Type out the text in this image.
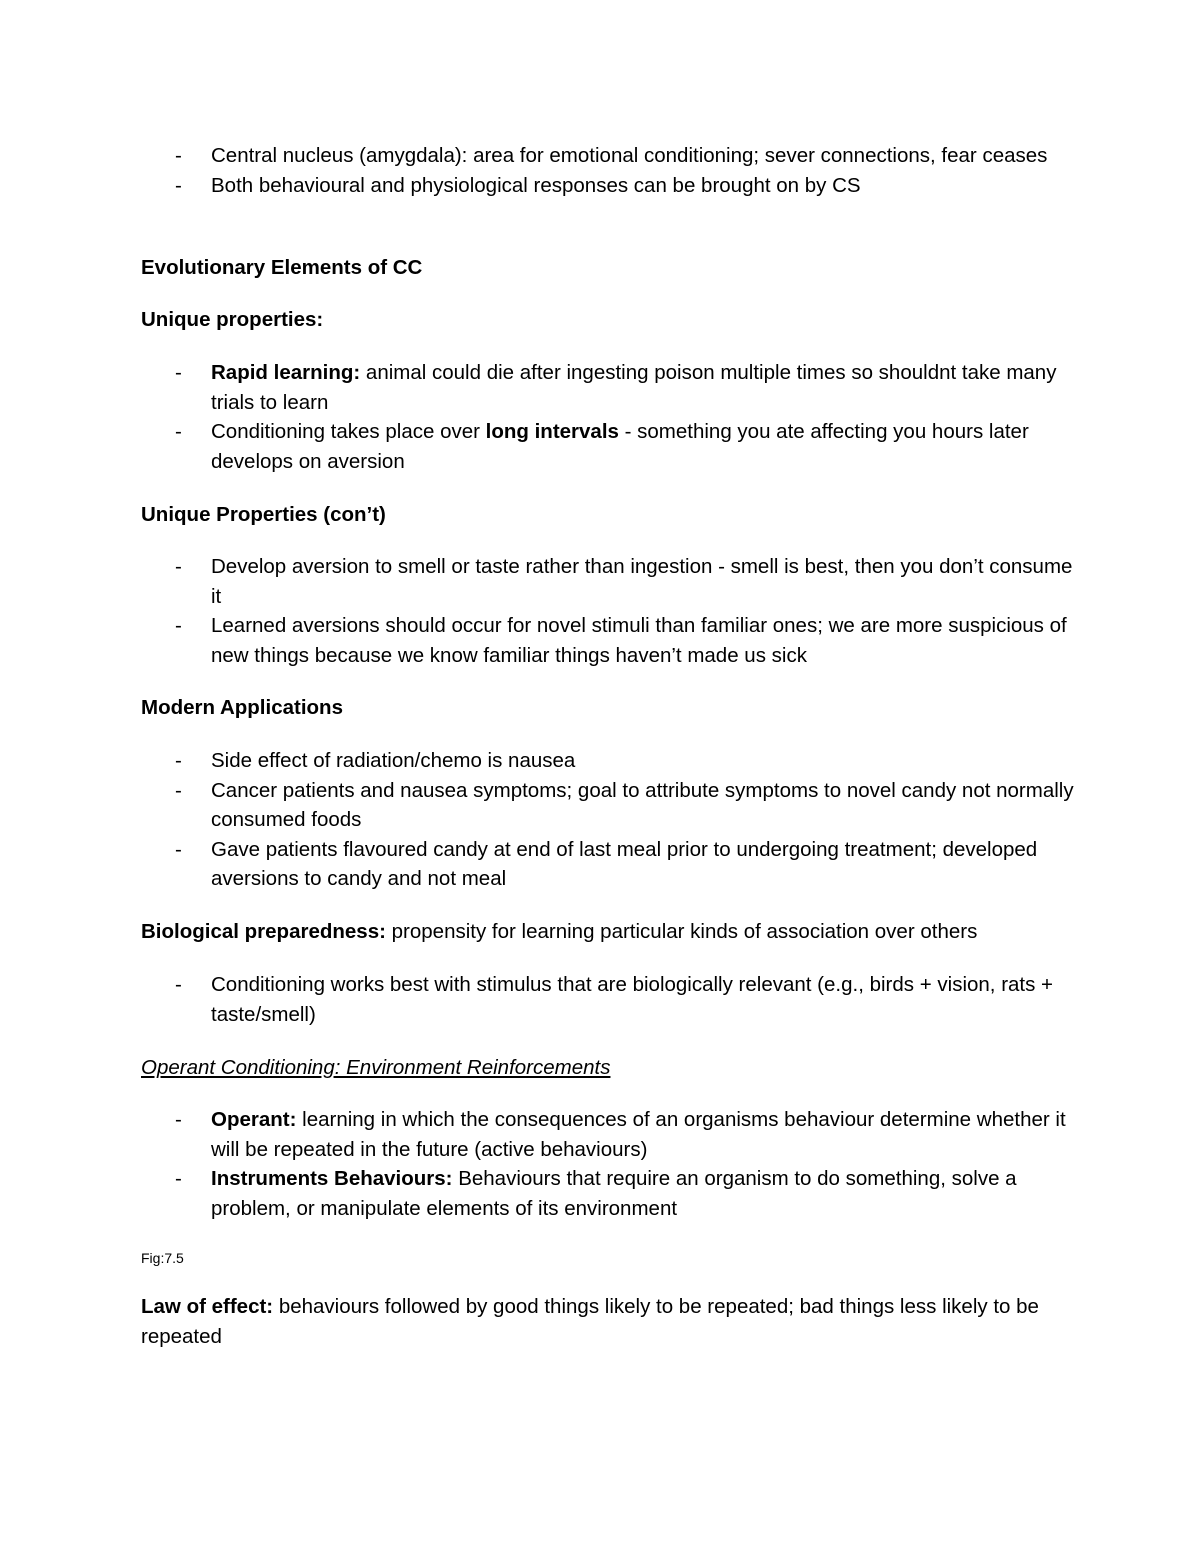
- Central nucleus (amygdala): area for emotional conditioning; sever connections, fear ceases
- Both behavioural and physiological responses can be brought on by CS
Evolutionary Elements of CC
Unique properties:
- Rapid learning: animal could die after ingesting poison multiple times so shouldnt take many trials to learn
- Conditioning takes place over long intervals - something you ate affecting you hours later develops on aversion
Unique Properties (con’t)
- Develop aversion to smell or taste rather than ingestion - smell is best, then you don’t consume it
- Learned aversions should occur for novel stimuli than familiar ones; we are more suspicious of new things because we know familiar things haven’t made us sick
Modern Applications
- Side effect of radiation/chemo is nausea
- Cancer patients and nausea symptoms; goal to attribute symptoms to novel candy not normally consumed foods
- Gave patients flavoured candy at end of last meal prior to undergoing treatment; developed aversions to candy and not meal
Biological preparedness: propensity for learning particular kinds of association over others
- Conditioning works best with stimulus that are biologically relevant (e.g., birds + vision, rats + taste/smell)
Operant Conditioning: Environment Reinforcements
- Operant: learning in which the consequences of an organisms behaviour determine whether it will be repeated in the future (active behaviours)
- Instruments Behaviours: Behaviours that require an organism to do something, solve a problem, or manipulate elements of its environment
Fig:7.5
Law of effect: behaviours followed by good things likely to be repeated; bad things less likely to be repeated
